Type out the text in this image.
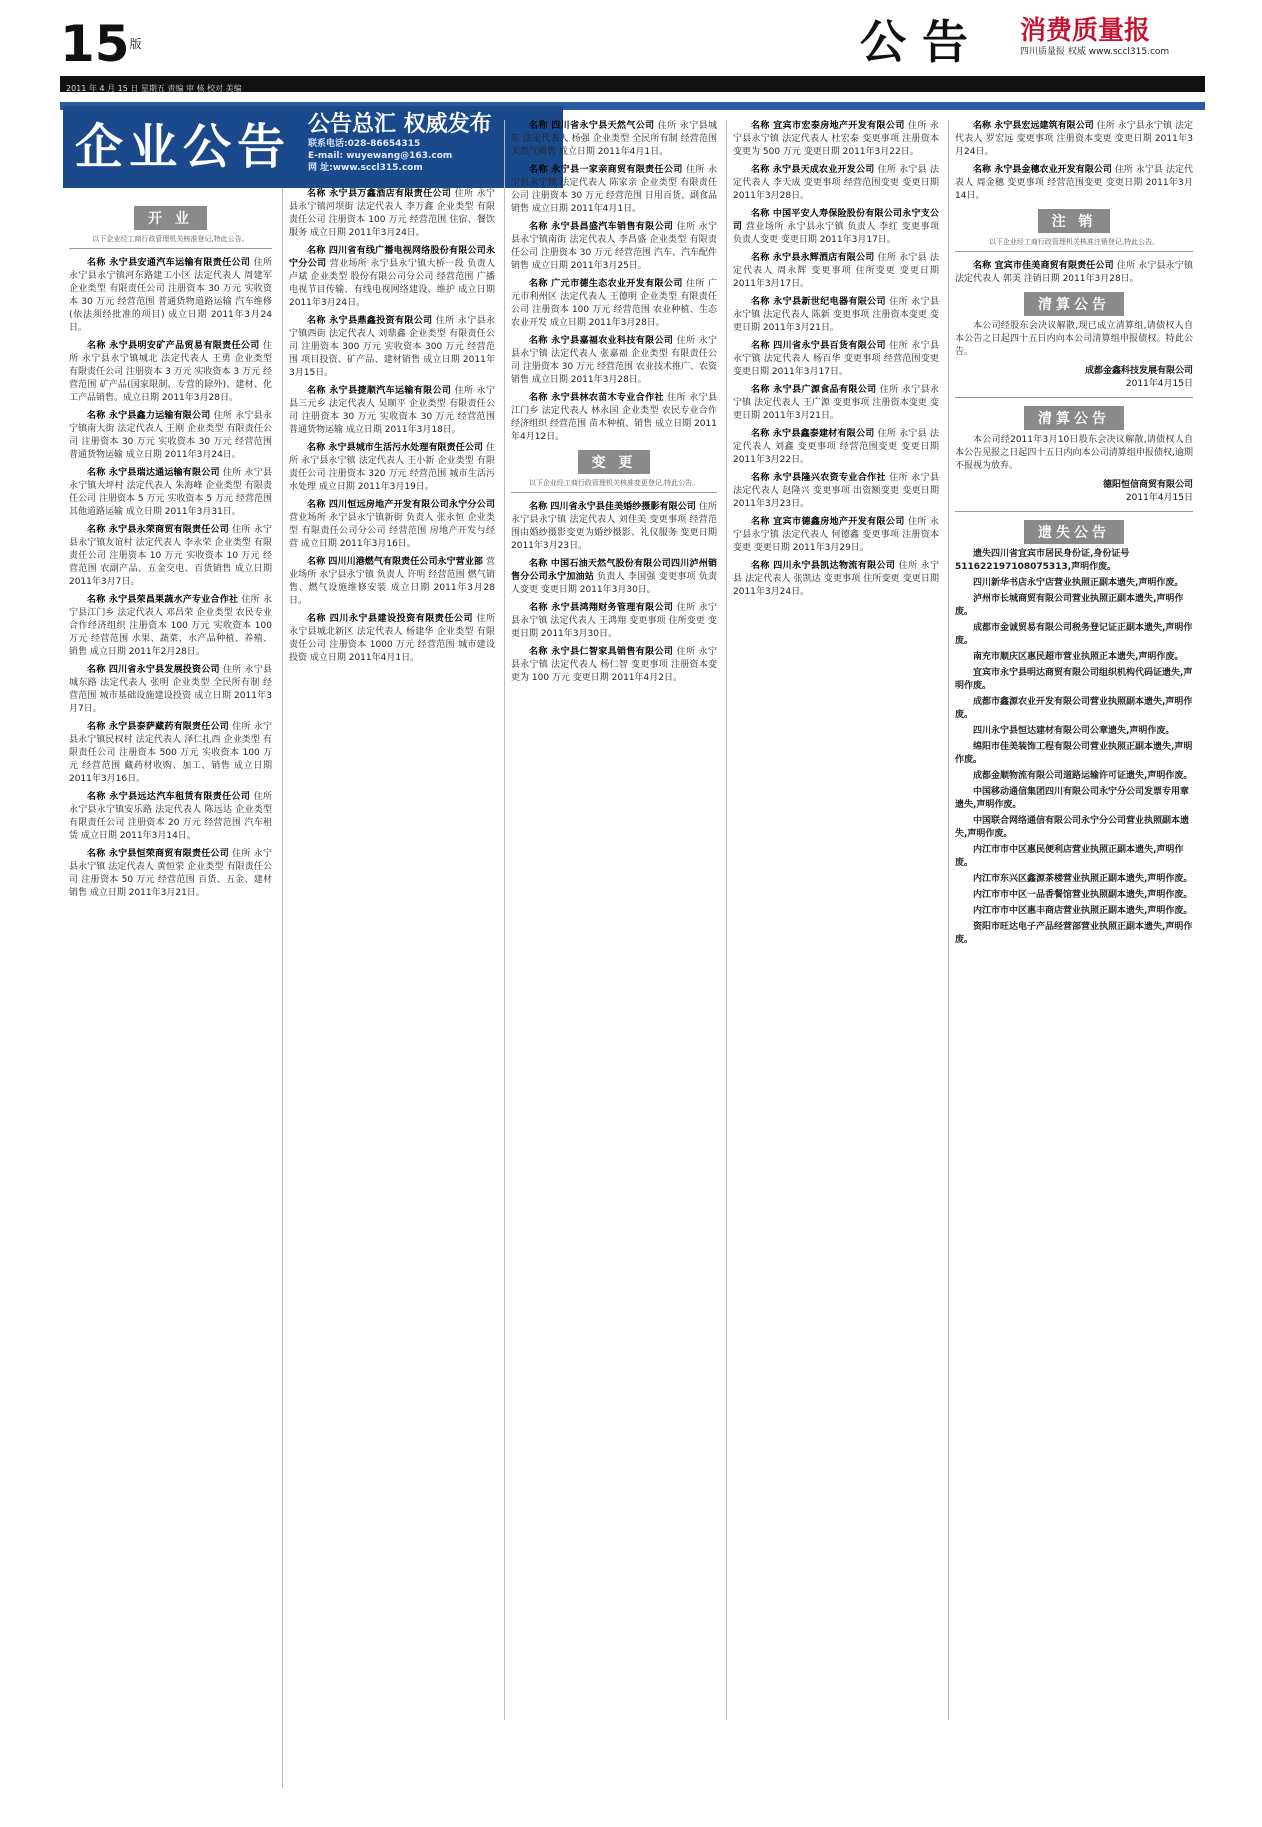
15版	公告 消费质量报
四川质量报 权威 www.sccl315.com
2011 年 4 月 15 日 星期五 责编 审 核 校对 美编
企业公告 公告总汇 权威发布
联系电话:028-86654315
E-mail: wuyewang@163.com
网 址:www.sccl315.com
开 业
以下企业经工商行政管理机关核准登记,特此公告。
名称 永宁县安通汽车运输有限责任公司 住所 永宁县永宁镇河东路建工小区 法定代表人 周建军 企业类型 有限责任公司 注册资本 30 万元 实收资本 30 万元 经营范围 普通货物道路运输 汽车维修(依法须经批准的项目) 成立日期 2011年3月24日。
名称 永宁县明安矿产品贸易有限责任公司 住所 永宁县永宁镇城北 法定代表人 王勇 企业类型 有限责任公司 注册资本 3 万元 实收资本 3 万元 经营范围 矿产品(国家限制、专营的除外)、建材、化工产品销售。成立日期 2011年3月28日。
名称 永宁县鑫力运输有限公司 住所 永宁县永宁镇南大街 法定代表人 王刚 企业类型 有限责任公司 注册资本 30 万元 实收资本 30 万元 经营范围 普通货物运输 成立日期 2011年3月24日。
名称 永宁县瑞达通运输有限公司 住所 永宁县永宁镇大坪村 法定代表人 朱海峰 企业类型 有限责任公司 注册资本 5 万元 实收资本 5 万元 经营范围 其他道路运输 成立日期 2011年3月31日。
名称 永宁县永荣商贸有限责任公司 住所 永宁县永宁镇友谊村 法定代表人 李永荣 企业类型 有限责任公司 注册资本 10 万元 实收资本 10 万元 经营范围 农副产品、五金交电、百货销售 成立日期 2011年3月7日。
名称 永宁县荣昌果蔬水产专业合作社 住所 永宁县江门乡 法定代表人 邓昌荣 企业类型 农民专业合作经济组织 注册资本 100 万元 实收资本 100 万元 经营范围 水果、蔬菜、水产品种植、养殖、销售 成立日期 2011年2月28日。
名称 四川省永宁县发展投资公司 住所 永宁县城东路 法定代表人 张明 企业类型 全民所有制 经营范围 城市基础设施建设投资 成立日期 2011年3月7日。
名称 永宁县泰萨藏药有限责任公司 住所 永宁县永宁镇民权村 法定代表人 泽仁扎西 企业类型 有限责任公司 注册资本 500 万元 实收资本 100 万元 经营范围 藏药材收购、加工、销售 成立日期 2011年3月16日。
名称 永宁县远达汽车租赁有限责任公司 住所 永宁县永宁镇安乐路 法定代表人 陈远达 企业类型 有限责任公司 注册资本 20 万元 经营范围 汽车租赁 成立日期 2011年3月14日。
名称 永宁县恒荣商贸有限责任公司 住所 永宁县永宁镇 法定代表人 黄恒荣 企业类型 有限责任公司 注册资本 50 万元 经营范围 百货、五金、建材销售 成立日期 2011年3月21日。
名称 永宁县万鑫酒店有限责任公司 住所 永宁县永宁镇河坝街 法定代表人 李万鑫 企业类型 有限责任公司 注册资本 100 万元 经营范围 住宿、餐饮服务 成立日期 2011年3月24日。
名称 四川省有线广播电视网络股份有限公司永宁分公司 营业场所 永宁县永宁镇大桥一段 负责人 卢斌 企业类型 股份有限公司分公司 经营范围 广播电视节目传输、有线电视网络建设、维护 成立日期 2011年3月24日。
名称 永宁县鼎鑫投资有限公司 住所 永宁县永宁镇西街 法定代表人 刘鼎鑫 企业类型 有限责任公司 注册资本 300 万元 实收资本 300 万元 经营范围 项目投资、矿产品、建材销售 成立日期 2011年3月15日。
名称 永宁县捷顺汽车运输有限公司 住所 永宁县三元乡 法定代表人 吴顺平 企业类型 有限责任公司 注册资本 30 万元 实收资本 30 万元 经营范围 普通货物运输 成立日期 2011年3月18日。
名称 永宁县城市生活污水处理有限责任公司 住所 永宁县永宁镇 法定代表人 王小新 企业类型 有限责任公司 注册资本 320 万元 经营范围 城市生活污水处理 成立日期 2011年3月19日。
名称 四川恒远房地产开发有限公司永宁分公司 营业场所 永宁县永宁镇新街 负责人 张永恒 企业类型 有限责任公司分公司 经营范围 房地产开发与经营 成立日期 2011年3月16日。
名称 四川川港燃气有限责任公司永宁营业部 营业场所 永宁县永宁镇 负责人 许明 经营范围 燃气销售、燃气设施维修安装 成立日期 2011年3月28日。
名称 四川永宁县建设投资有限责任公司 住所 永宁县城北新区 法定代表人 杨建华 企业类型 有限责任公司 注册资本 1000 万元 经营范围 城市建设投资 成立日期 2011年4月1日。
名称 四川省永宁县天然气公司 住所 永宁县城东 法定代表人 杨强 企业类型 全民所有制 经营范围 天然气销售 成立日期 2011年4月1日。
名称 永宁县一家亲商贸有限责任公司 住所 永宁县永宁镇 法定代表人 陈家亲 企业类型 有限责任公司 注册资本 30 万元 经营范围 日用百货、副食品销售 成立日期 2011年4月1日。
名称 永宁县昌盛汽车销售有限公司 住所 永宁县永宁镇南街 法定代表人 李昌盛 企业类型 有限责任公司 注册资本 30 万元 经营范围 汽车、汽车配件销售 成立日期 2011年3月25日。
名称 广元市德生态农业开发有限公司 住所 广元市利州区 法定代表人 王德明 企业类型 有限责任公司 注册资本 100 万元 经营范围 农业种植、生态农业开发 成立日期 2011年3月28日。
名称 永宁县嘉福农业科技有限公司 住所 永宁县永宁镇 法定代表人 张嘉福 企业类型 有限责任公司 注册资本 30 万元 经营范围 农业技术推广、农资销售 成立日期 2011年3月28日。
名称 永宁县林农苗木专业合作社 住所 永宁县江门乡 法定代表人 林永国 企业类型 农民专业合作经济组织 经营范围 苗木种植、销售 成立日期 2011年4月12日。
变 更
以下企业经工商行政管理机关核准变更登记,特此公告。
名称 四川省永宁县佳美婚纱摄影有限公司 住所 永宁县永宁镇 法定代表人 刘佳美 变更事项 经营范围由婚纱摄影变更为婚纱摄影、礼仪服务 变更日期 2011年3月23日。
名称 中国石油天然气股份有限公司四川泸州销售分公司永宁加油站 负责人 李国强 变更事项 负责人变更 变更日期 2011年3月30日。
名称 永宁县鸿翔财务管理有限公司 住所 永宁县永宁镇 法定代表人 王鸿翔 变更事项 住所变更 变更日期 2011年3月30日。
名称 永宁县仁智家具销售有限公司 住所 永宁县永宁镇 法定代表人 杨仁智 变更事项 注册资本变更为 100 万元 变更日期 2011年4月2日。
名称 宜宾市宏泰房地产开发有限公司 住所 永宁县永宁镇 法定代表人 杜宏泰 变更事项 注册资本变更为 500 万元 变更日期 2011年3月22日。
名称 永宁县天成农业开发公司 住所 永宁县 法定代表人 李天成 变更事项 经营范围变更 变更日期 2011年3月28日。
名称 中国平安人寿保险股份有限公司永宁支公司 营业场所 永宁县永宁镇 负责人 李红 变更事项 负责人变更 变更日期 2011年3月17日。
名称 永宁县永辉酒店有限公司 住所 永宁县 法定代表人 周永辉 变更事项 住所变更 变更日期 2011年3月17日。
名称 永宁县新世纪电器有限公司 住所 永宁县永宁镇 法定代表人 陈新 变更事项 注册资本变更 变更日期 2011年3月21日。
名称 四川省永宁县百货有限公司 住所 永宁县永宁镇 法定代表人 杨百华 变更事项 经营范围变更 变更日期 2011年3月17日。
名称 永宁县广源食品有限公司 住所 永宁县永宁镇 法定代表人 王广源 变更事项 注册资本变更 变更日期 2011年3月21日。
名称 永宁县鑫泰建材有限公司 住所 永宁县 法定代表人 刘鑫 变更事项 经营范围变更 变更日期 2011年3月22日。
名称 永宁县隆兴农资专业合作社 住所 永宁县 法定代表人 赵隆兴 变更事项 出资额变更 变更日期 2011年3月23日。
名称 宜宾市德鑫房地产开发有限公司 住所 永宁县永宁镇 法定代表人 何德鑫 变更事项 注册资本变更 变更日期 2011年3月29日。
名称 四川永宁县凯达物流有限公司 住所 永宁县 法定代表人 张凯达 变更事项 住所变更 变更日期 2011年3月24日。
名称 永宁县宏远建筑有限公司 住所 永宁县永宁镇 法定代表人 罗宏远 变更事项 注册资本变更 变更日期 2011年3月24日。
名称 永宁县金穗农业开发有限公司 住所 永宁县 法定代表人 周金穗 变更事项 经营范围变更 变更日期 2011年3月14日。
注 销
以下企业经工商行政管理机关核准注销登记,特此公告。
名称 宜宾市佳美商贸有限责任公司 住所 永宁县永宁镇 法定代表人 郭美 注销日期 2011年3月28日。
清算公告
本公司经股东会决议解散,现已成立清算组,请债权人自本公告之日起四十五日内向本公司清算组申报债权。特此公告。
成都金鑫科技发展有限公司
2011年4月15日
清算公告
本公司经2011年3月10日股东会决议解散,请债权人自本公告见报之日起四十五日内向本公司清算组申报债权,逾期不报视为放弃。
德阳恒信商贸有限公司
2011年4月15日
遗失公告
遗失四川省宜宾市居民身份证,身份证号 511622197108075313,声明作废。
四川新华书店永宁店营业执照正副本遗失,声明作废。
泸州市长城商贸有限公司营业执照正副本遗失,声明作废。
成都市金诚贸易有限公司税务登记证正副本遗失,声明作废。
南充市顺庆区惠民超市营业执照正本遗失,声明作废。
宜宾市永宁县明达商贸有限公司组织机构代码证遗失,声明作废。
成都市鑫源农业开发有限公司营业执照副本遗失,声明作废。
四川永宁县恒达建材有限公司公章遗失,声明作废。
绵阳市佳美装饰工程有限公司营业执照正副本遗失,声明作废。
成都金顺物流有限公司道路运输许可证遗失,声明作废。
中国移动通信集团四川有限公司永宁分公司发票专用章遗失,声明作废。
中国联合网络通信有限公司永宁分公司营业执照副本遗失,声明作废。
内江市市中区惠民便利店营业执照正副本遗失,声明作废。
内江市东兴区鑫源茶楼营业执照正副本遗失,声明作废。
内江市市中区一品香餐馆营业执照副本遗失,声明作废。
内江市市中区惠丰商店营业执照正副本遗失,声明作废。
资阳市旺达电子产品经营部营业执照正副本遗失,声明作废。
